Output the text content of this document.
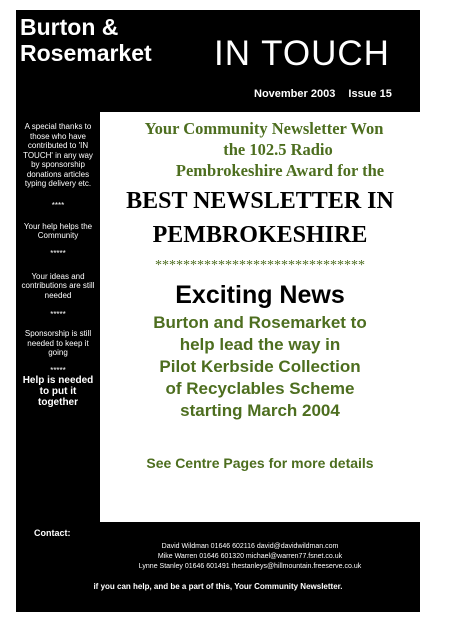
Burton &
Rosemarket IN TOUCH
November 2003 Issue 15
A special thanks to those who have contributed to 'IN TOUCH' in any way by sponsorship donations articles typing delivery etc.
****
Your help helps the Community
*****
Your ideas and contributions are still needed
*****
Sponsorship is still needed to keep it going
*****
Help is needed
to put it
together
Your Community Newsletter Won
the 102.5 Radio
Pembrokeshire Award for the
BEST NEWSLETTER IN
PEMBROKESHIRE
******************************
Exciting News
Burton and Rosemarket to
help lead the way in
Pilot Kerbside Collection
of Recyclables Scheme
starting March 2004
See Centre Pages for more details
Contact:
David Wildman 01646 602116 david@davidwildman.com
Mike Warren 01646 601320 michael@warren77.fsnet.co.uk
Lynne Stanley 01646 601491 thestanleys@hillmountain.freeserve.co.uk
if you can help, and be a part of this, Your Community Newsletter.
